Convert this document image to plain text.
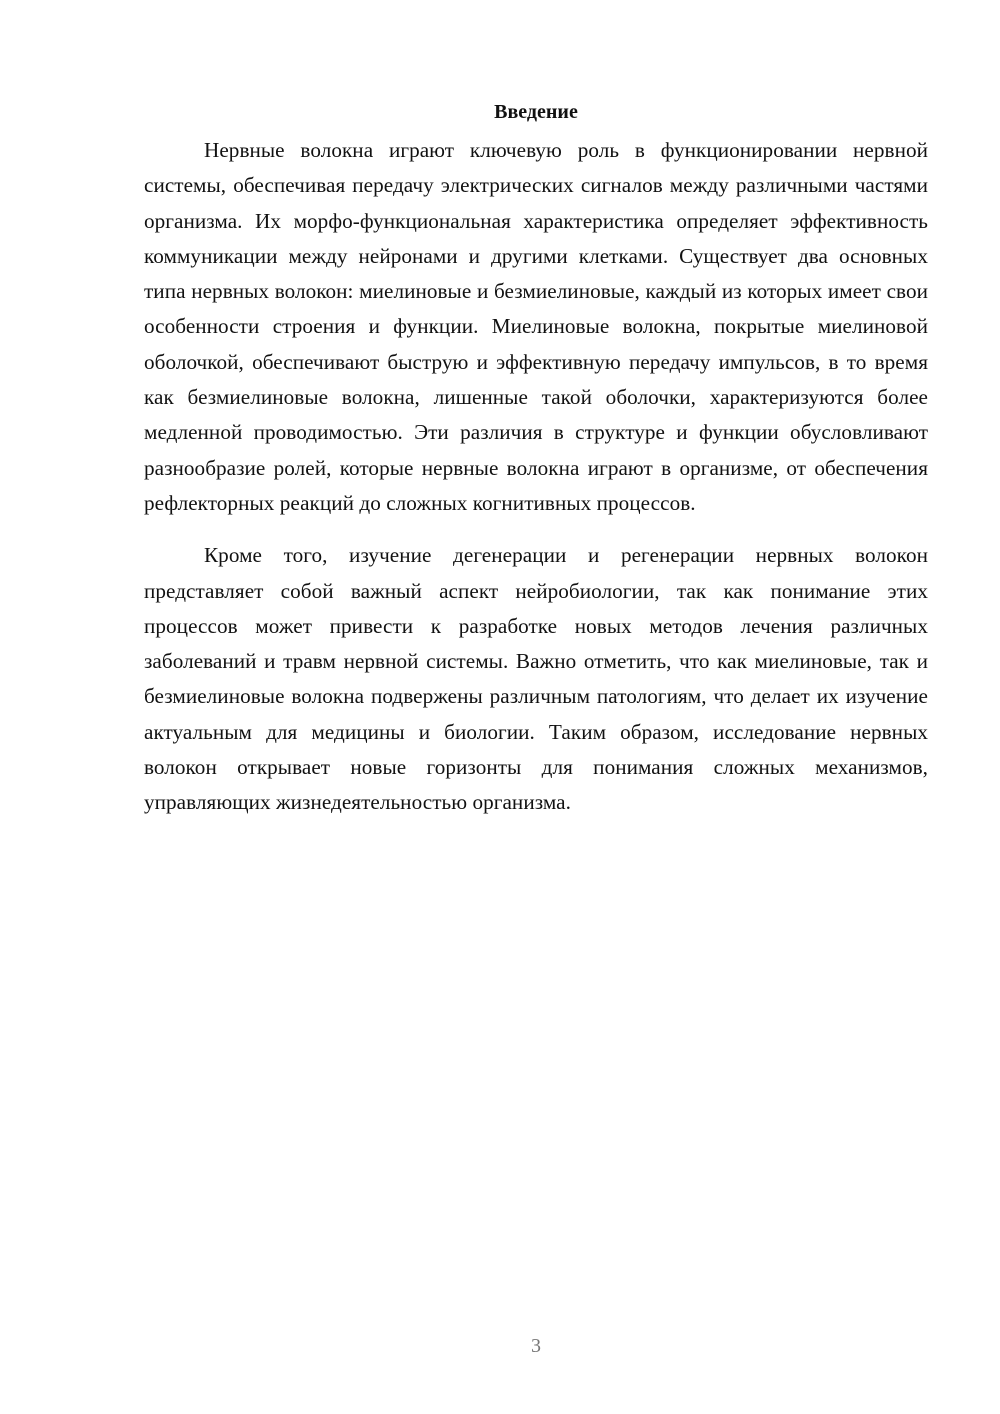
Введение

Нервные волокна играют ключевую роль в функционировании нервной системы, обеспечивая передачу электрических сигналов между различными частями организма. Их морфо-функциональная характеристика определяет эффективность коммуникации между нейронами и другими клетками. Существует два основных типа нервных волокон: миелиновые и безмиелиновые, каждый из которых имеет свои особенности строения и функции. Миелиновые волокна, покрытые миелиновой оболочкой, обеспечивают быструю и эффективную передачу импульсов, в то время как безмиелиновые волокна, лишенные такой оболочки, характеризуются более медленной проводимостью. Эти различия в структуре и функции обусловливают разнообразие ролей, которые нервные волокна играют в организме, от обеспечения рефлекторных реакций до сложных когнитивных процессов.

Кроме того, изучение дегенерации и регенерации нервных волокон представляет собой важный аспект нейробиологии, так как понимание этих процессов может привести к разработке новых методов лечения различных заболеваний и травм нервной системы. Важно отметить, что как миелиновые, так и безмиелиновые волокна подвержены различным патологиям, что делает их изучение актуальным для медицины и биологии. Таким образом, исследование нервных волокон открывает новые горизонты для понимания сложных механизмов, управляющих жизнедеятельностью организма.

3
